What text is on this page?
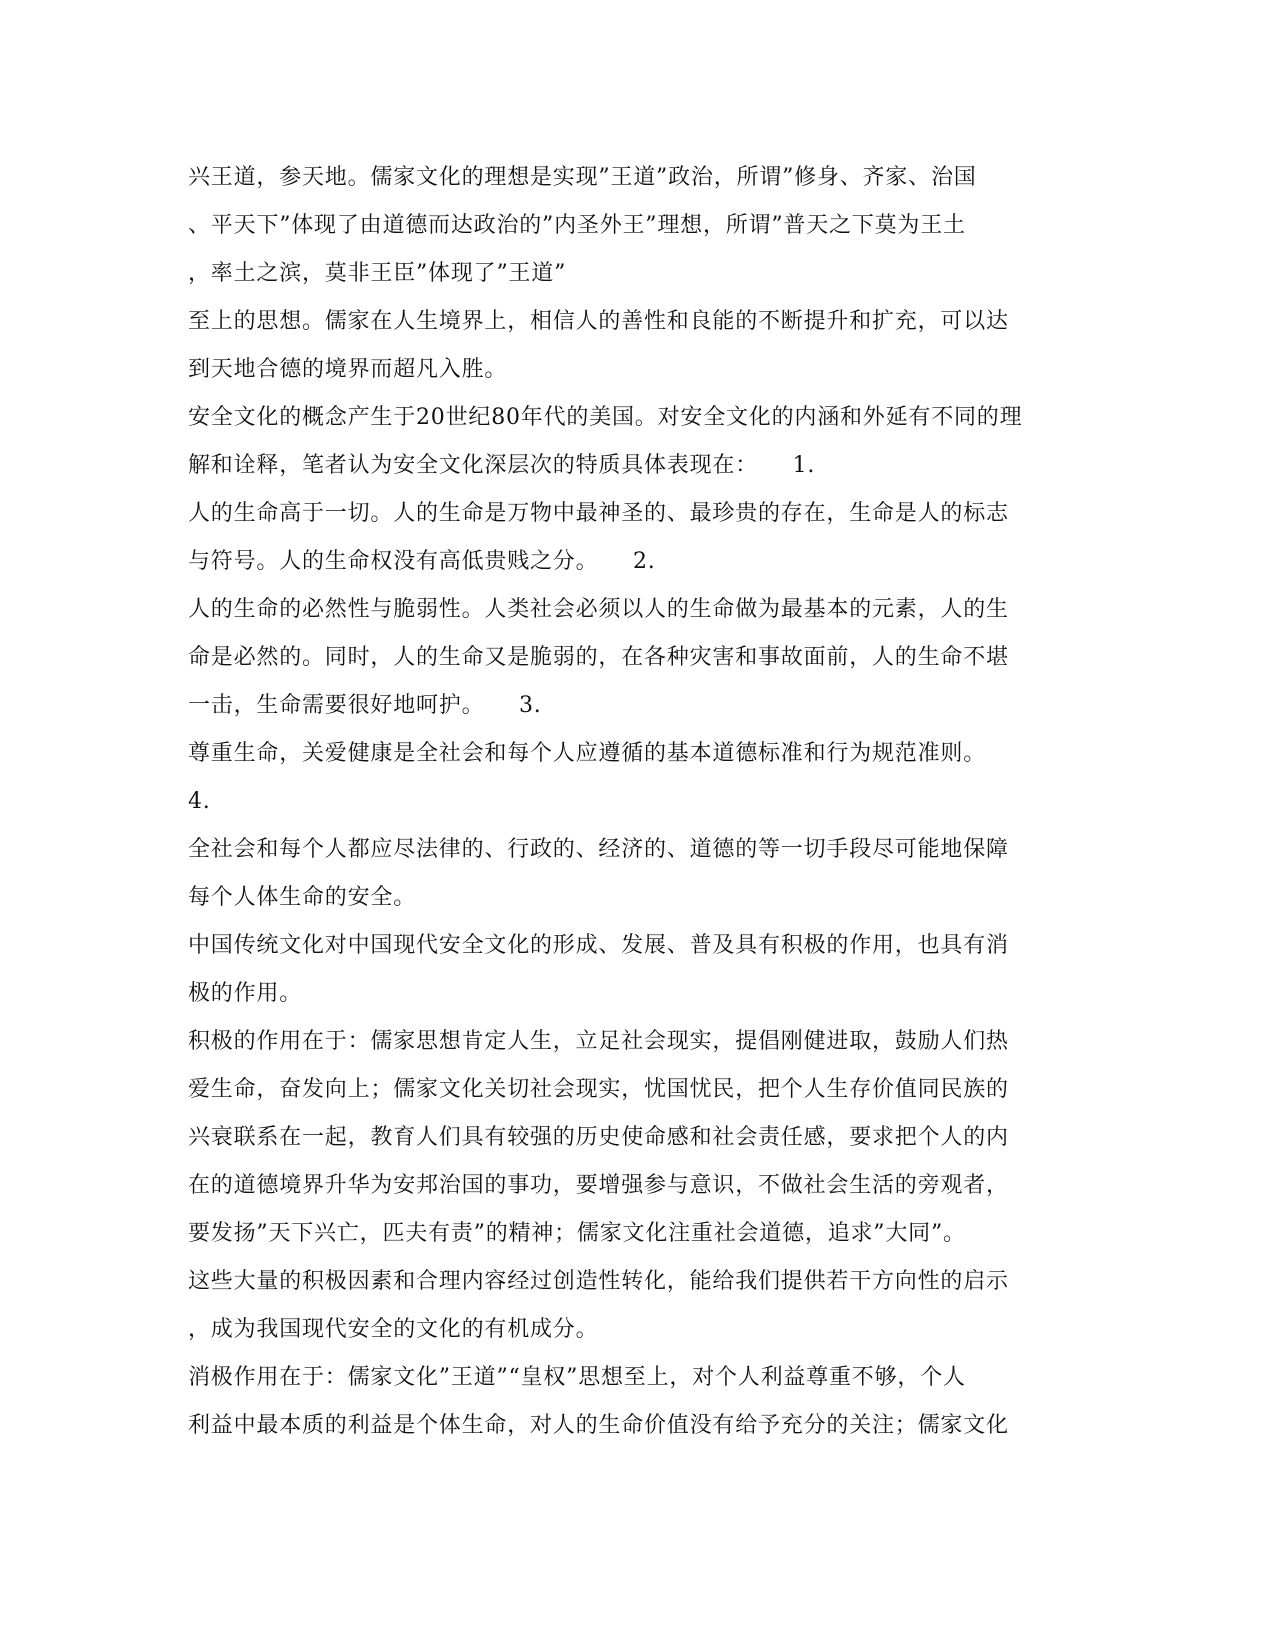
兴王道，参天地。儒家文化的理想是实现”王道”政治，所谓”修身、齐家、治国
、平天下”体现了由道德而达政治的”内圣外王”理想，所谓”普天之下莫为王土
，率土之滨，莫非王臣”体现了”王道”
至上的思想。儒家在人生境界上，相信人的善性和良能的不断提升和扩充，可以达
到天地合德的境界而超凡入胜。
安全文化的概念产生于20世纪80年代的美国。对安全文化的内涵和外延有不同的理
解和诠释，笔者认为安全文化深层次的特质具体表现在：　　1.
人的生命高于一切。人的生命是万物中最神圣的、最珍贵的存在，生命是人的标志
与符号。人的生命权没有高低贵贱之分。　　2.
人的生命的必然性与脆弱性。人类社会必须以人的生命做为最基本的元素，人的生
命是必然的。同时，人的生命又是脆弱的，在各种灾害和事故面前，人的生命不堪
一击，生命需要很好地呵护。　　3.
尊重生命，关爱健康是全社会和每个人应遵循的基本道德标准和行为规范准则。
4.
全社会和每个人都应尽法律的、行政的、经济的、道德的等一切手段尽可能地保障
每个人体生命的安全。
中国传统文化对中国现代安全文化的形成、发展、普及具有积极的作用，也具有消
极的作用。
积极的作用在于：儒家思想肯定人生，立足社会现实，提倡刚健进取，鼓励人们热
爱生命，奋发向上；儒家文化关切社会现实，忧国忧民，把个人生存价值同民族的
兴衰联系在一起，教育人们具有较强的历史使命感和社会责任感，要求把个人的内
在的道德境界升华为安邦治国的事功，要增强参与意识，不做社会生活的旁观者，
要发扬”天下兴亡，匹夫有责”的精神；儒家文化注重社会道德，追求”大同”。
这些大量的积极因素和合理内容经过创造性转化，能给我们提供若干方向性的启示
，成为我国现代安全的文化的有机成分。
消极作用在于：儒家文化”王道”“皇权”思想至上，对个人利益尊重不够，个人
利益中最本质的利益是个体生命，对人的生命价值没有给予充分的关注；儒家文化
